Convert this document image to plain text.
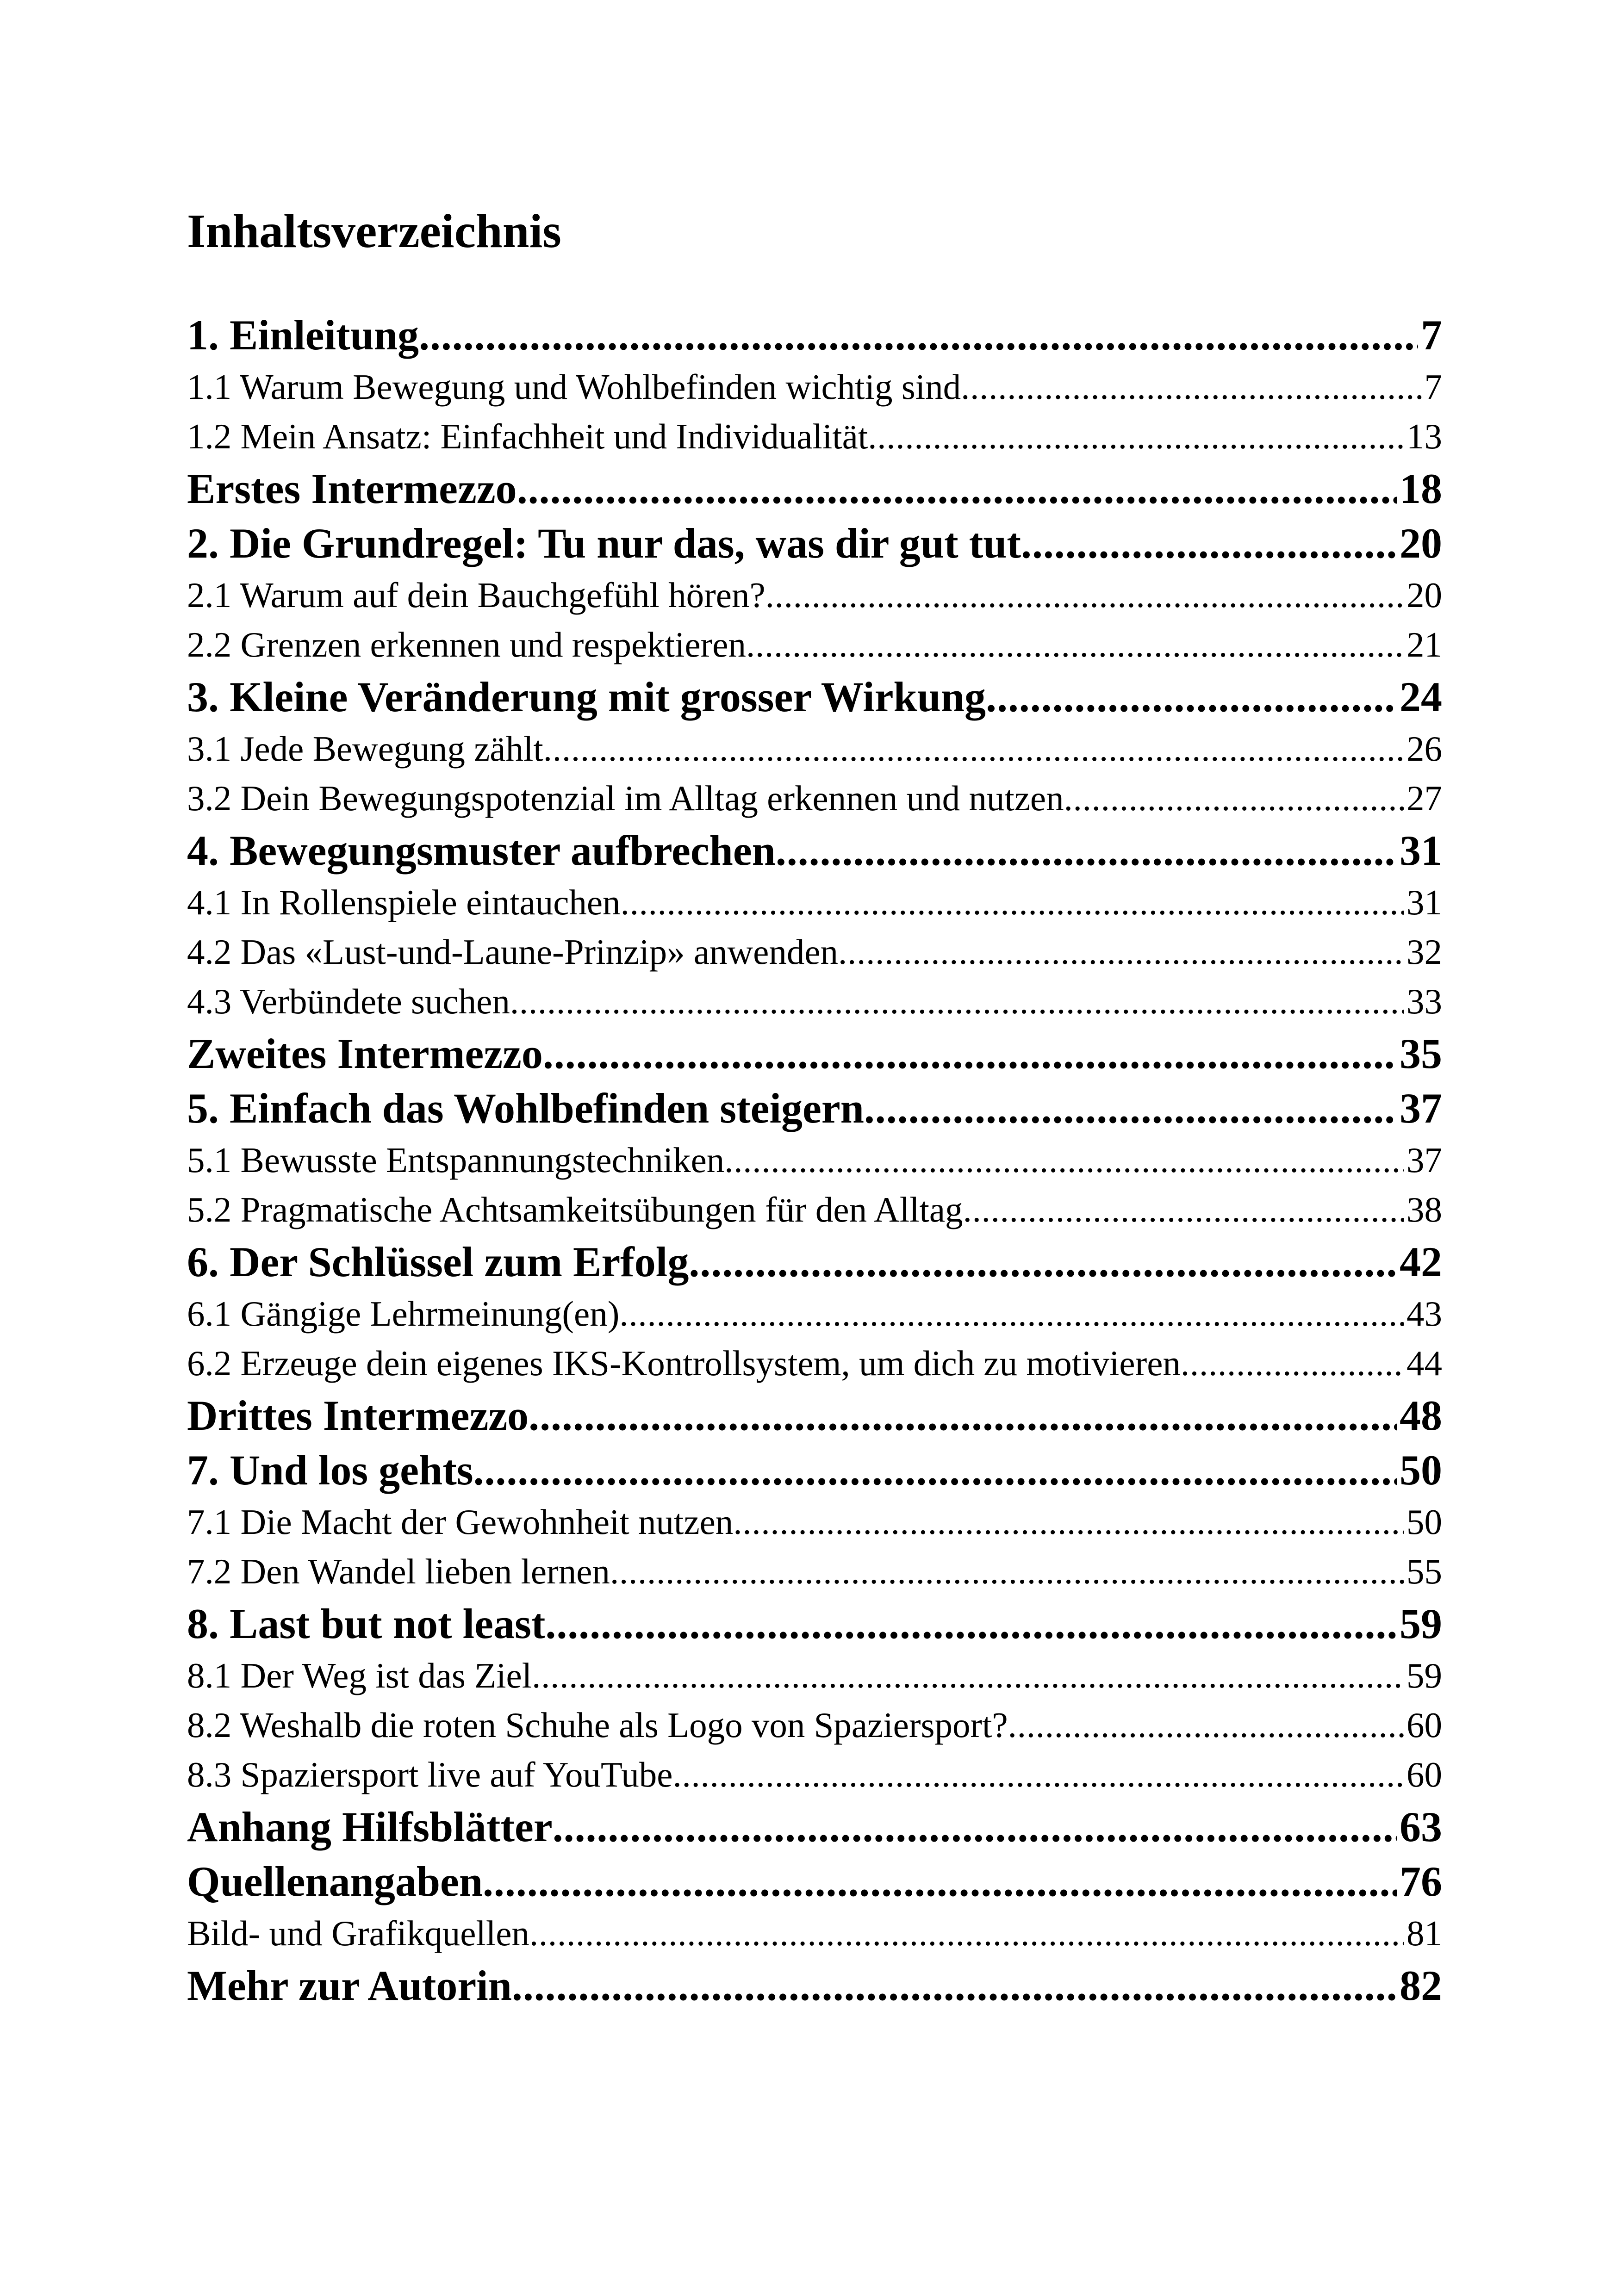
Inhaltsverzeichnis
1. Einleitung . . .	7
1.1 Warum Bewegung und Wohlbefinden wichtig sind . . .	7
1.2 Mein Ansatz: Einfachheit und Individualität . . .	13
Erstes Intermezzo . . .	18
2. Die Grundregel: Tu nur das, was dir gut tut . . .	20
2.1 Warum auf dein Bauchgefühl hören? . . .	20
2.2 Grenzen erkennen und respektieren . . .	21
3. Kleine Veränderung mit grosser Wirkung . . .	24
3.1 Jede Bewegung zählt . . .	26
3.2 Dein Bewegungspotenzial im Alltag erkennen und nutzen . . .	27
4. Bewegungsmuster aufbrechen . . .	31
4.1 In Rollenspiele eintauchen . . .	31
4.2 Das «Lust-und-Laune-Prinzip» anwenden . . .	32
4.3 Verbündete suchen . . .	33
Zweites Intermezzo . . .	35
5. Einfach das Wohlbefinden steigern . . .	37
5.1 Bewusste Entspannungstechniken . . .	37
5.2 Pragmatische Achtsamkeitsübungen für den Alltag . . .	38
6. Der Schlüssel zum Erfolg . . .	42
6.1 Gängige Lehrmeinung(en) . . .	43
6.2 Erzeuge dein eigenes IKS-Kontrollsystem, um dich zu motivieren . . .	44
Drittes Intermezzo . . .	48
7. Und los gehts . . .	50
7.1 Die Macht der Gewohnheit nutzen . . .	50
7.2 Den Wandel lieben lernen . . .	55
8. Last but not least . . .	59
8.1 Der Weg ist das Ziel . . .	59
8.2 Weshalb die roten Schuhe als Logo von Spaziersport? . . .	60
8.3 Spaziersport live auf YouTube . . .	60
Anhang Hilfsblätter . . .	63
Quellenangaben . . .	76
Bild- und Grafikquellen . . .	81
Mehr zur Autorin . . .	82
